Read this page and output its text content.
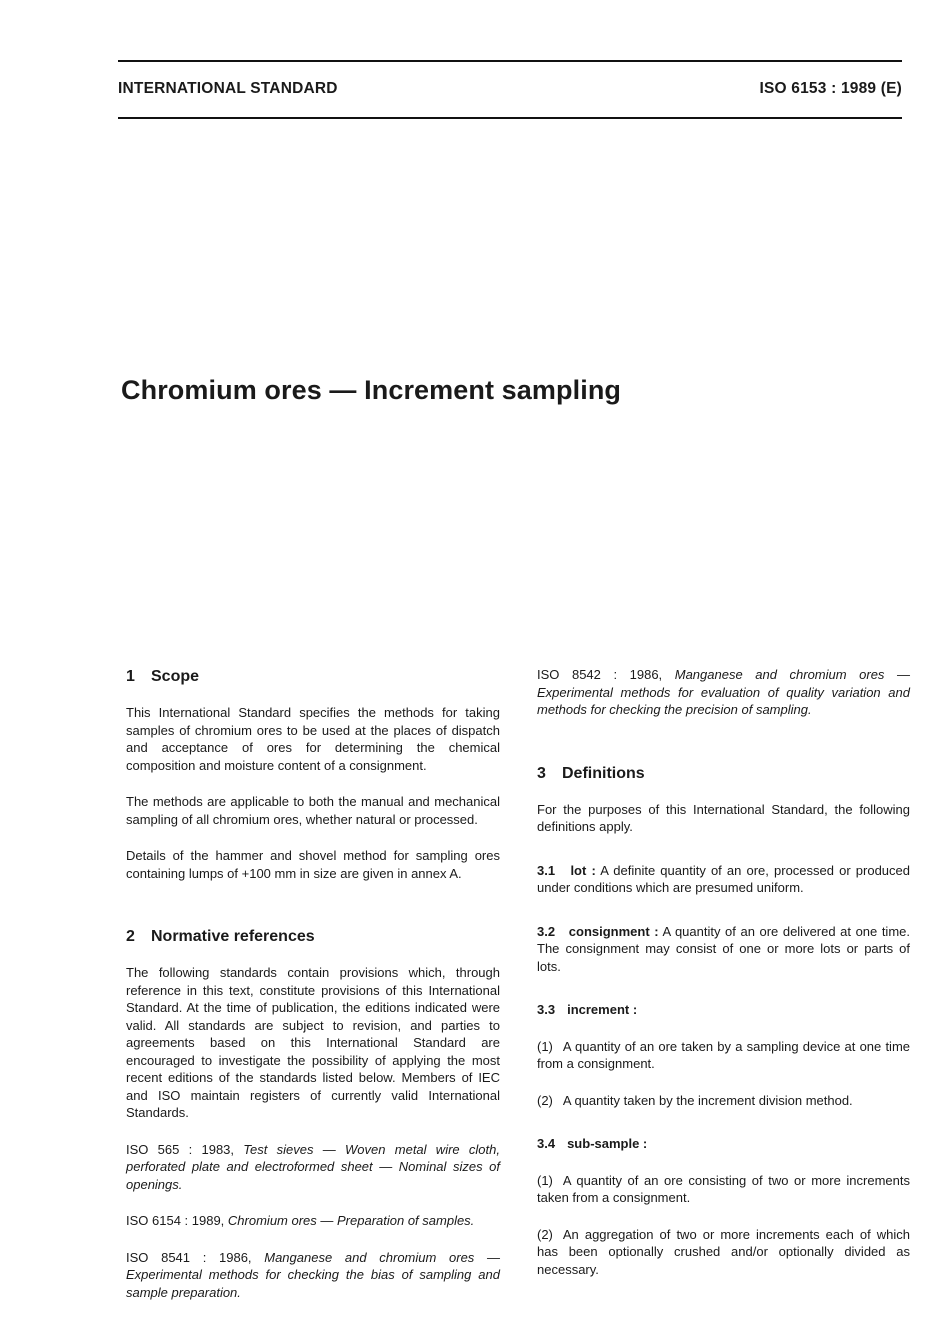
INTERNATIONAL STANDARD	ISO 6153 : 1989 (E)
Chromium ores — Increment sampling
1 Scope

This International Standard specifies the methods for taking samples of chromium ores to be used at the places of dispatch and acceptance of ores for determining the chemical composition and moisture content of a consignment.

The methods are applicable to both the manual and mechanical sampling of all chromium ores, whether natural or processed.

Details of the hammer and shovel method for sampling ores containing lumps of +100 mm in size are given in annex A.

2 Normative references

The following standards contain provisions which, through reference in this text, constitute provisions of this International Standard. At the time of publication, the editions indicated were valid. All standards are subject to revision, and parties to agreements based on this International Standard are encouraged to investigate the possibility of applying the most recent editions of the standards listed below. Members of IEC and ISO maintain registers of currently valid International Standards.

ISO 565 : 1983, Test sieves — Woven metal wire cloth, perforated plate and electroformed sheet — Nominal sizes of openings.

ISO 6154 : 1989, Chromium ores — Preparation of samples.

ISO 8541 : 1986, Manganese and chromium ores — Experimental methods for checking the bias of sampling and sample preparation.

ISO 8542 : 1986, Manganese and chromium ores — Experimental methods for evaluation of quality variation and methods for checking the precision of sampling.

3 Definitions

For the purposes of this International Standard, the following definitions apply.

3.1 lot : A definite quantity of an ore, processed or produced under conditions which are presumed uniform.

3.2 consignment : A quantity of an ore delivered at one time. The consignment may consist of one or more lots or parts of lots.

3.3 increment :

(1) A quantity of an ore taken by a sampling device at one time from a consignment.

(2) A quantity taken by the increment division method.

3.4 sub-sample :

(1) A quantity of an ore consisting of two or more increments taken from a consignment.

(2) An aggregation of two or more increments each of which has been optionally crushed and/or optionally divided as necessary.
